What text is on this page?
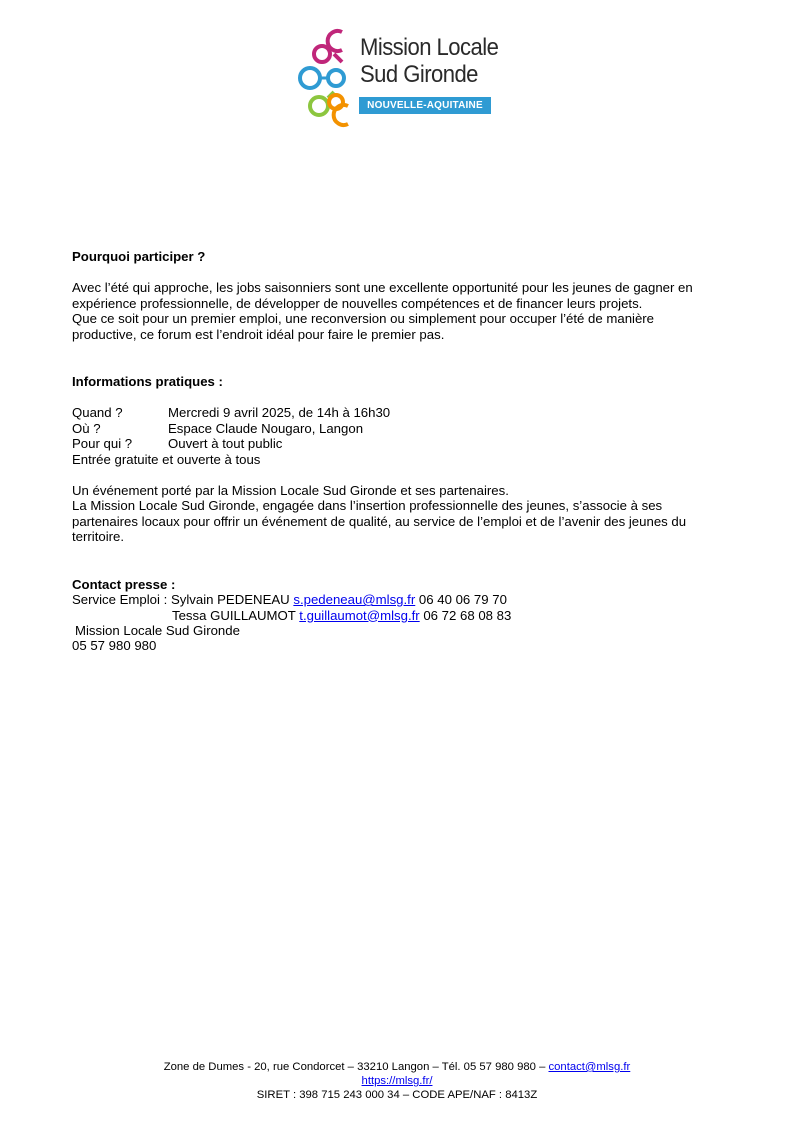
Mission Locale
Sud Gironde
NOUVELLE-AQUITAINE

Pourquoi participer ?

Avec l’été qui approche, les jobs saisonniers sont une excellente opportunité pour les jeunes de gagner en expérience professionnelle, de développer de nouvelles compétences et de financer leurs projets.

Que ce soit pour un premier emploi, une reconversion ou simplement pour occuper l’été de manière productive, ce forum est l’endroit idéal pour faire le premier pas.

Informations pratiques :

Quand ?	Mercredi 9 avril 2025, de 14h à 16h30
Où ?	Espace Claude Nougaro, Langon
Pour qui ?	Ouvert à tout public

Entrée gratuite et ouverte à tous

Un événement porté par la Mission Locale Sud Gironde et ses partenaires.

La Mission Locale Sud Gironde, engagée dans l’insertion professionnelle des jeunes, s’associe à ses partenaires locaux pour offrir un événement de qualité, au service de l’emploi et de l’avenir des jeunes du territoire.

Contact presse :

Service Emploi : Sylvain PEDENEAU s.pedeneau@mlsg.fr 06 40 06 79 70

Tessa GUILLAUMOT t.guillaumot@mlsg.fr 06 72 68 08 83

Mission Locale Sud Gironde

05 57 980 980

Zone de Dumes - 20, rue Condorcet – 33210 Langon – Tél. 05 57 980 980 – contact@mlsg.fr
https://mlsg.fr/
SIRET : 398 715 243 000 34 – CODE APE/NAF : 8413Z
